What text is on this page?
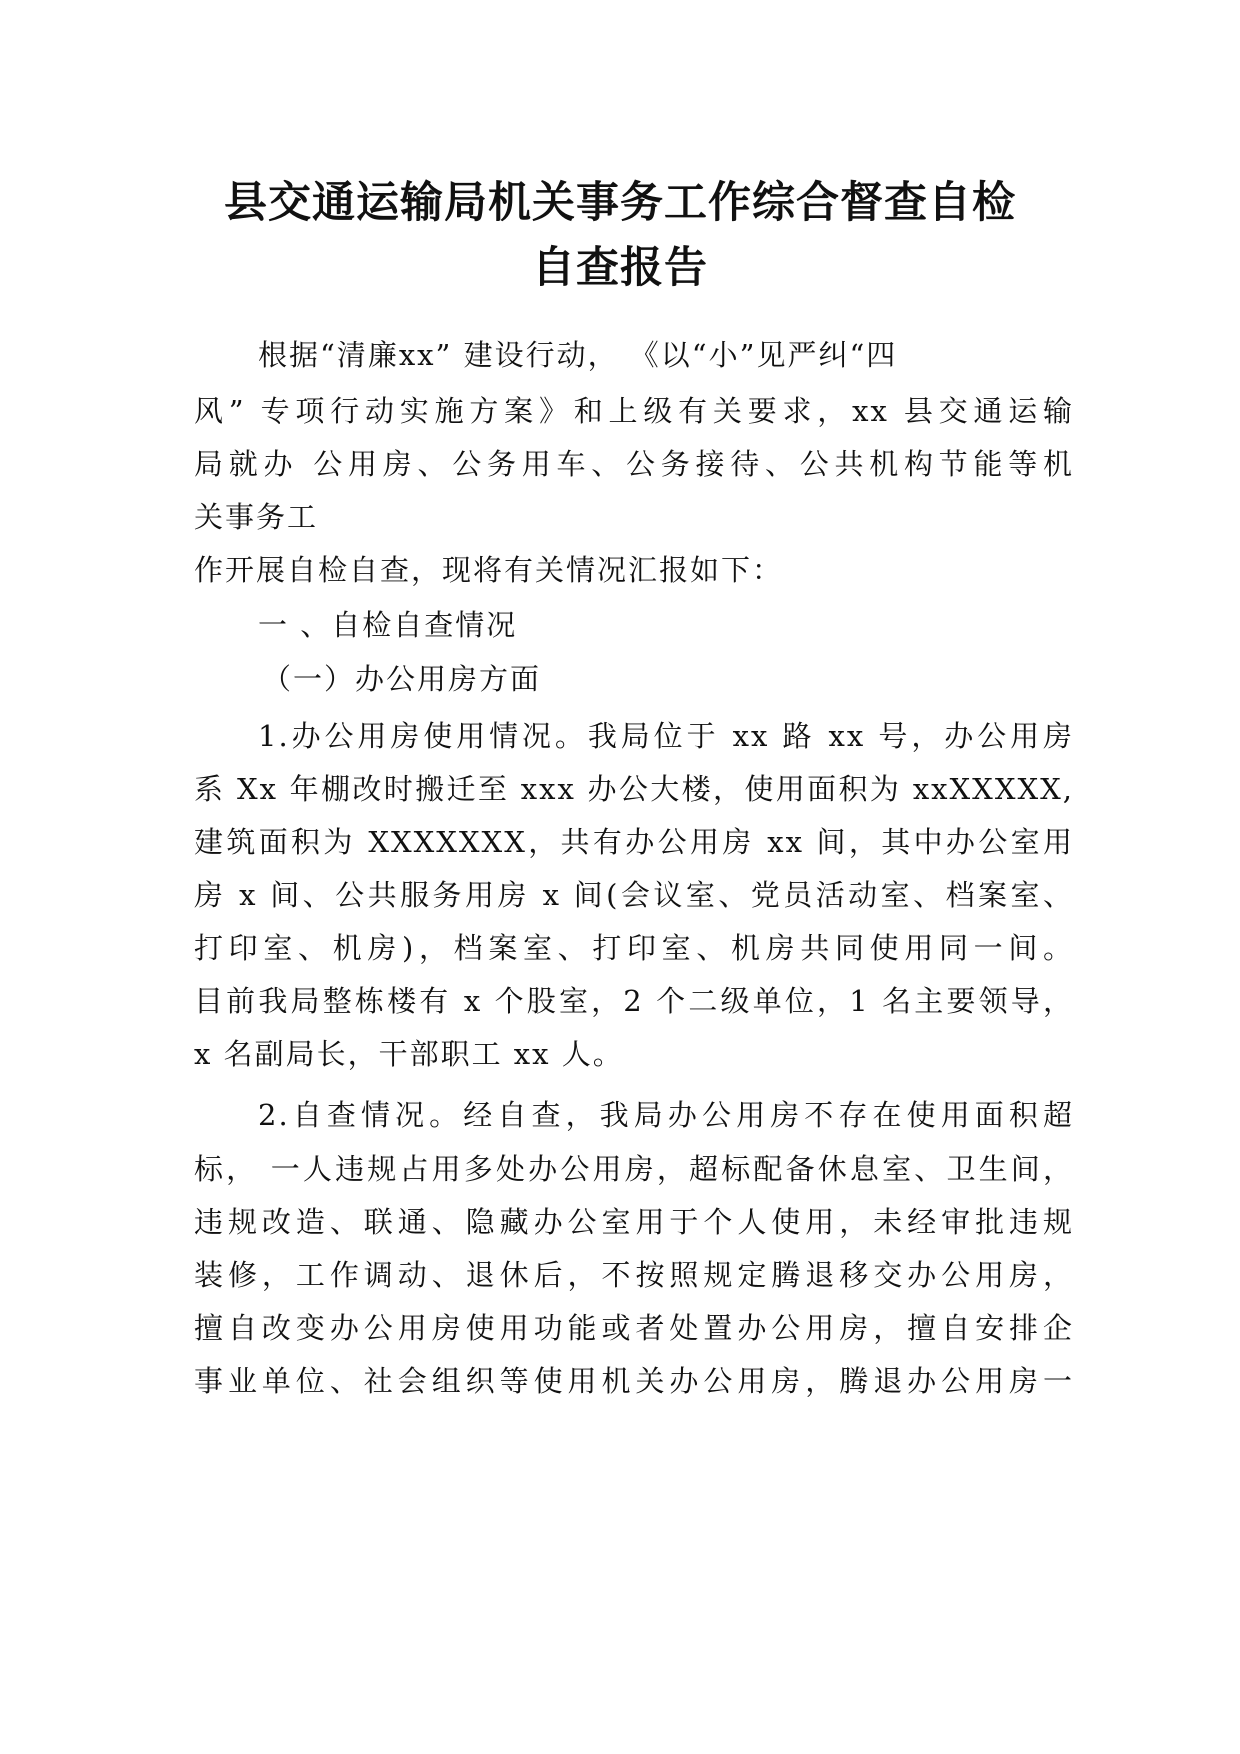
县交通运输局机关事务工作综合督查自检
自查报告
根据“清廉xx” 建设行动， 《以“小”见严纠“四
风” 专项行动实施方案》和上级有关要求，xx 县交通运输
局就办 公用房、公务用车、公务接待、公共机构节能等机
关事务工
作开展自检自查，现将有关情况汇报如下：
一 、自检自查情况
（一）办公用房方面
1.办公用房使用情况。我局位于 xx 路 xx 号，办公用房
系 Xx 年棚改时搬迁至 xxx 办公大楼，使用面积为 xxXXXXX,
建筑面积为 XXXXXXX，共有办公用房 xx 间，其中办公室用
房 x 间、公共服务用房 x 间(会议室、党员活动室、档案室、
打印室、机房)，档案室、打印室、机房共同使用同一间。
目前我局整栋楼有 x 个股室，2 个二级单位，1 名主要领导，
x 名副局长，干部职工 xx 人。
2.自查情况。经自查，我局办公用房不存在使用面积超
标， 一人违规占用多处办公用房，超标配备休息室、卫生间，
违规改造、联通、隐藏办公室用于个人使用，未经审批违规
装修，工作调动、退休后，不按照规定腾退移交办公用房，
擅自改变办公用房使用功能或者处置办公用房，擅自安排企
事业单位、社会组织等使用机关办公用房，腾退办公用房一
